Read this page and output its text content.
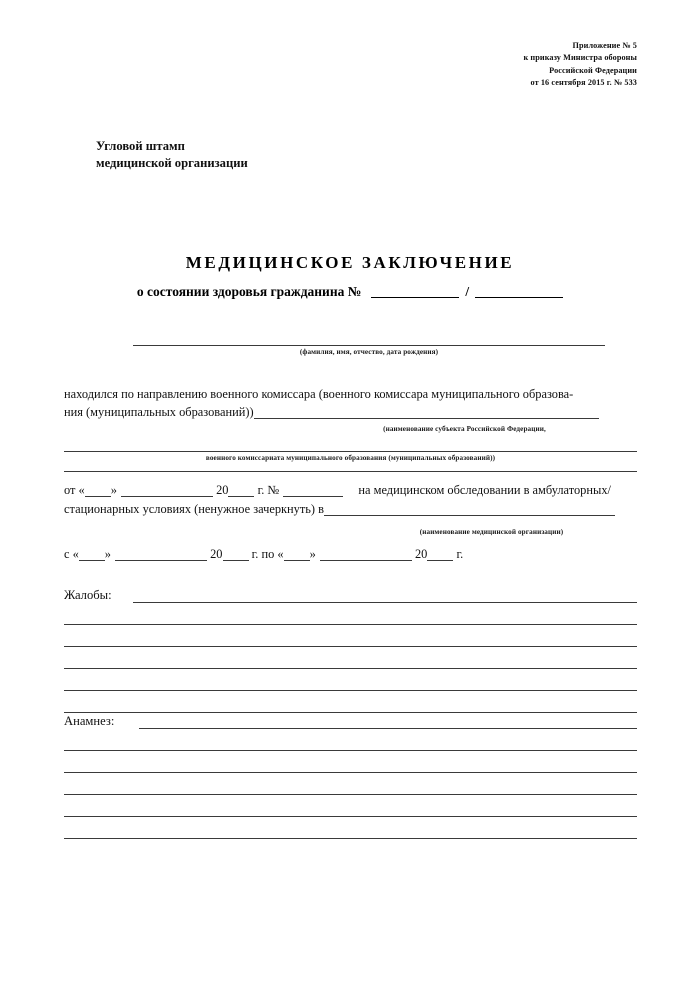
Приложение № 5
к приказу Министра обороны
Российской Федерации
от 16 сентября 2015 г. № 533
Угловой штамп
медицинской организации
МЕДИЦИНСКОЕ ЗАКЛЮЧЕНИЕ
о состоянии здоровья гражданина №	/
(фамилия, имя, отчество, дата рождения)
находился по направлению военного комиссара (военного комиссара муниципального образова-
ния (муниципальных образований))
(наименование субъекта Российской Федерации,
военного комиссариата муниципального образования (муниципальных образований))
от « »	20 г. №	на медицинском обследовании в амбулаторных/
стационарных условиях (ненужное зачеркнуть) в
(наименование медицинской организации)
с « »	20 г. по « »	20 г.
Жалобы:
Анамнез:
